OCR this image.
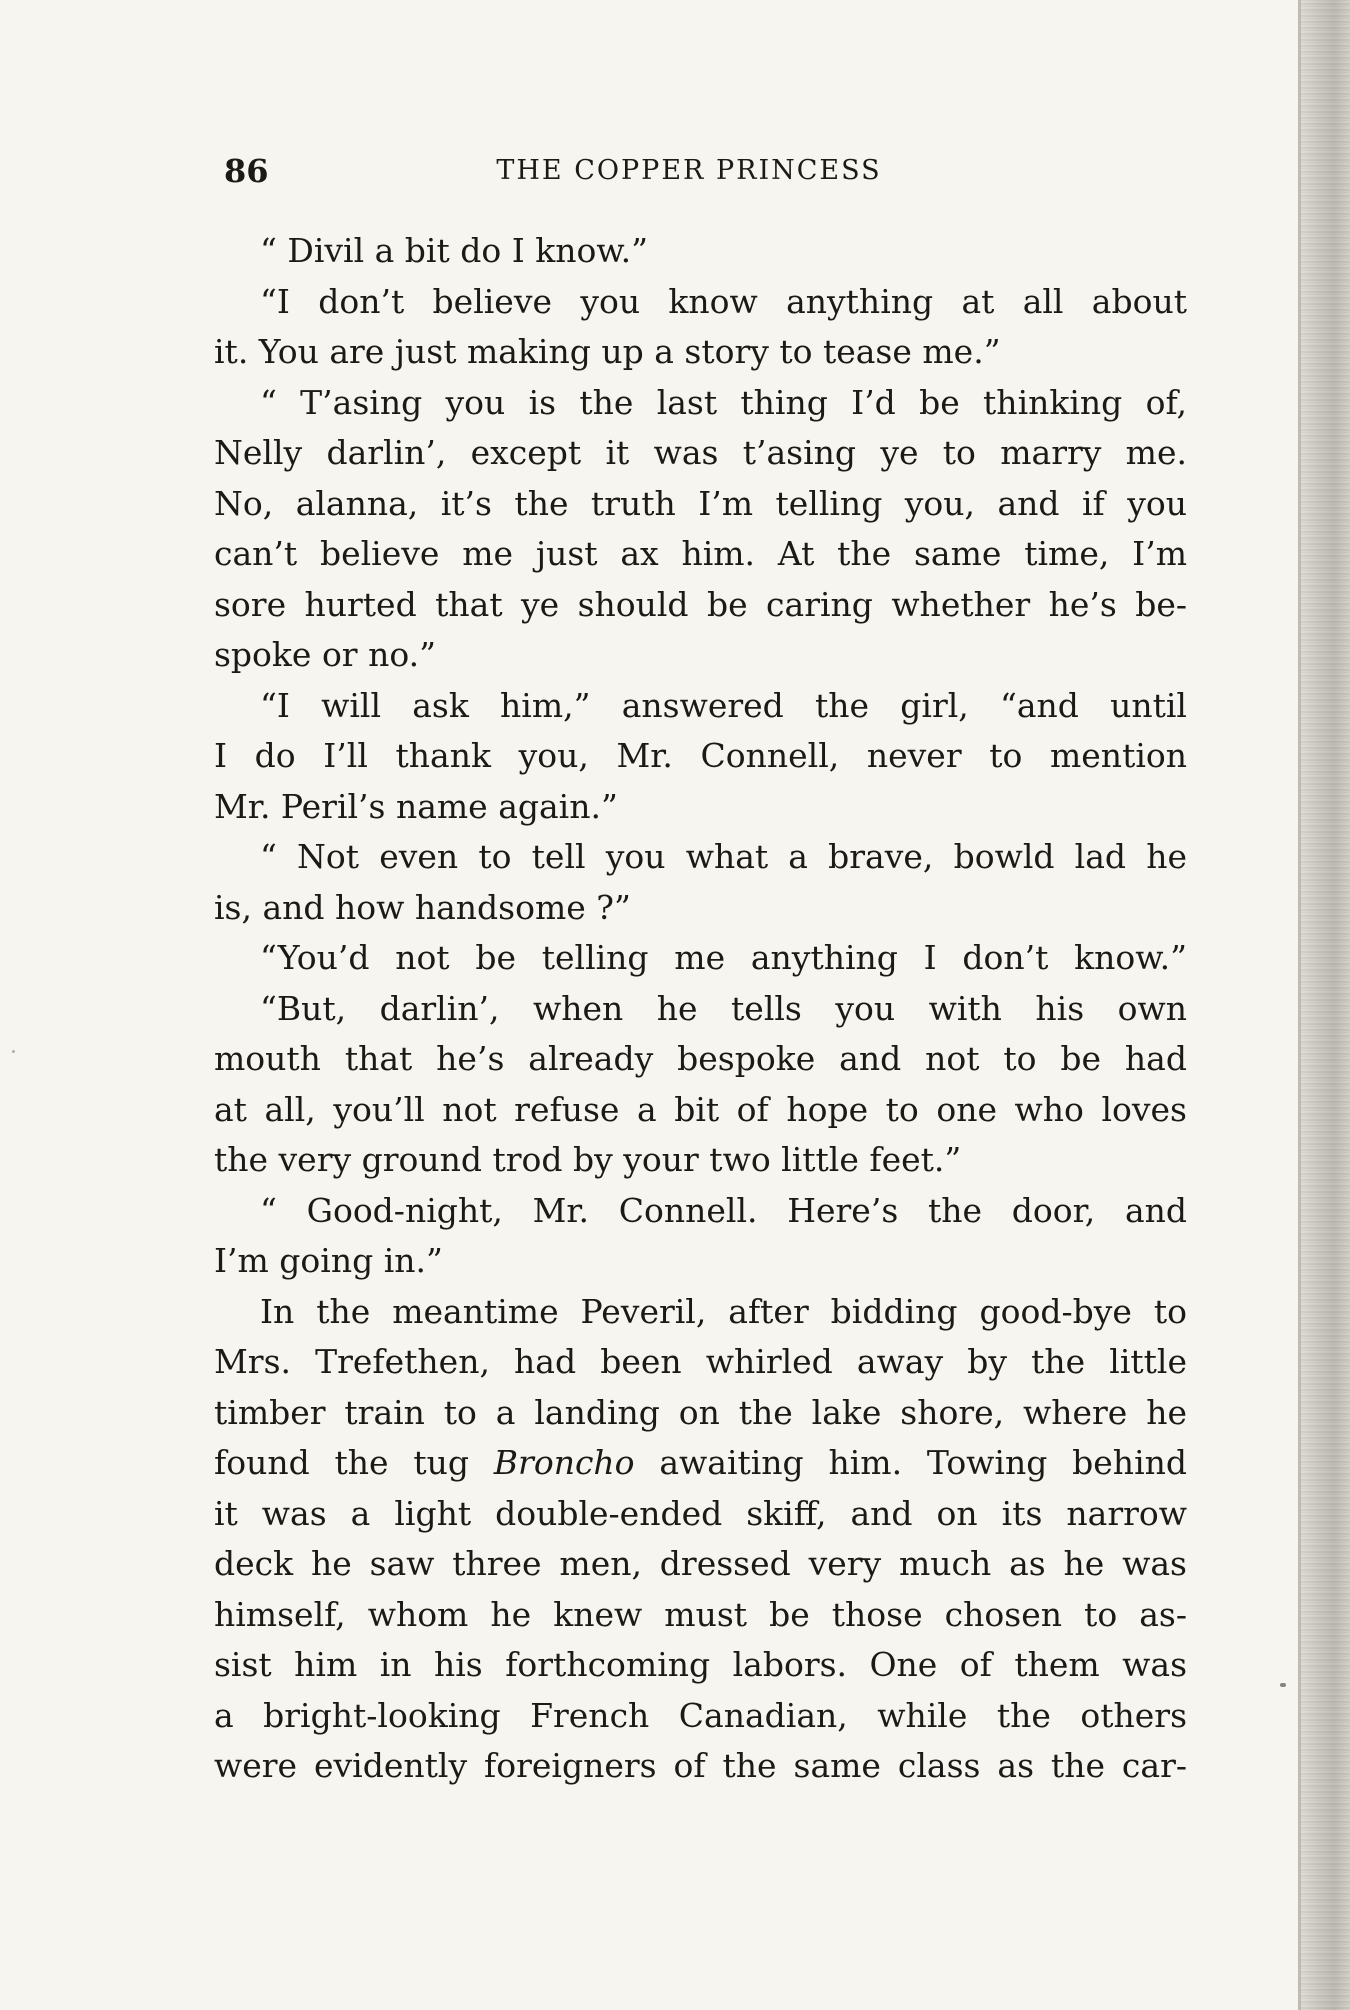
86	THE COPPER PRINCESS
“ Divil a bit do I know.”
“I don’t believe you know anything at all about
it. You are just making up a story to tease me.”
“ T’asing you is the last thing I’d be thinking of,
Nelly darlin’, except it was t’asing ye to marry me.
No, alanna, it’s the truth I’m telling you, and if you
can’t believe me just ax him. At the same time, I’m
sore hurted that ye should be caring whether he’s be-
spoke or no.”
“I will ask him,” answered the girl, “and until
I do I’ll thank you, Mr. Connell, never to mention
Mr. Peril’s name again.”
“ Not even to tell you what a brave, bowld lad he
is, and how handsome ?”
“You’d not be telling me anything I don’t know.”
“But, darlin’, when he tells you with his own
mouth that he’s already bespoke and not to be had
at all, you’ll not refuse a bit of hope to one who loves
the very ground trod by your two little feet.”
“ Good-night, Mr. Connell. Here’s the door, and
I’m going in.”
In the meantime Peveril, after bidding good-bye to
Mrs. Trefethen, had been whirled away by the little
timber train to a landing on the lake shore, where he
found the tug Broncho awaiting him. Towing behind
it was a light double-ended skiff, and on its narrow
deck he saw three men, dressed very much as he was
himself, whom he knew must be those chosen to as-
sist him in his forthcoming labors. One of them was
a bright-looking French Canadian, while the others
were evidently foreigners of the same class as the car-
